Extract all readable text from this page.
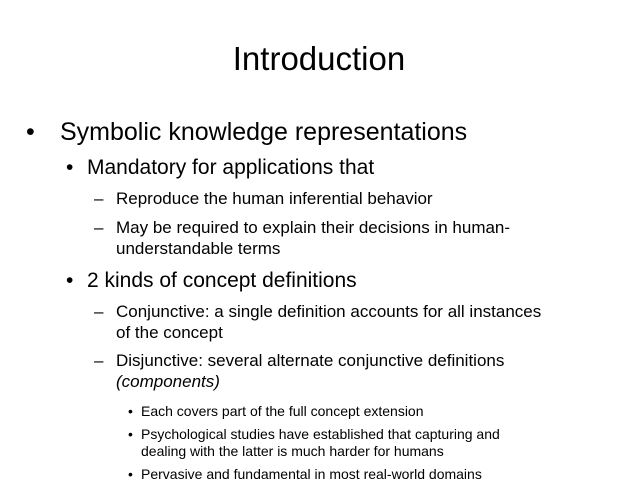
Introduction
• Symbolic knowledge representations
• Mandatory for applications that
– Reproduce the human inferential behavior
– May be required to explain their decisions in human-
understandable terms
• 2 kinds of concept definitions
– Conjunctive: a single definition accounts for all instances
of the concept
– Disjunctive: several alternate conjunctive definitions
(components)
• Each covers part of the full concept extension
• Psychological studies have established that capturing and
dealing with the latter is much harder for humans
• Pervasive and fundamental in most real-world domains
